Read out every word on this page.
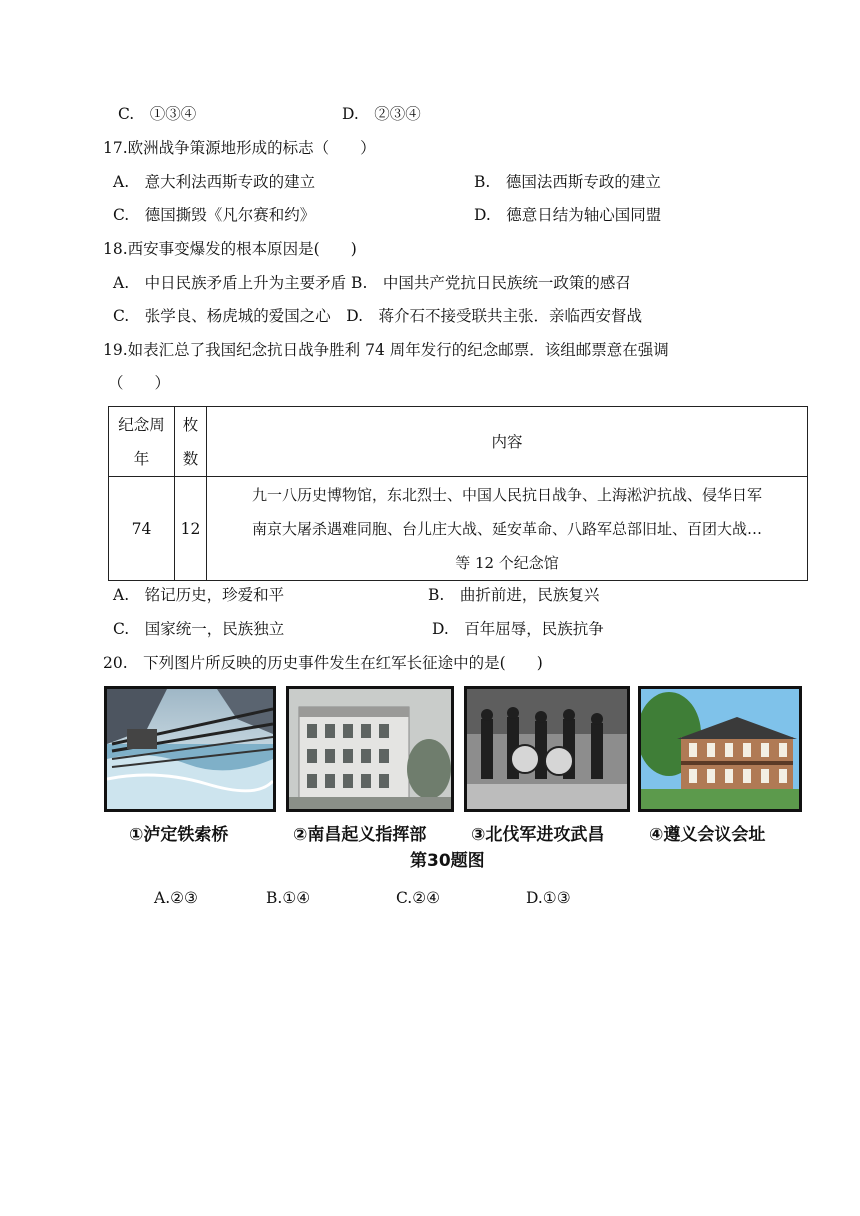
C.　①③④	D.　②③④
17.欧洲战争策源地形成的标志（　　）
A.　意大利法西斯专政的建立	B.　德国法西斯专政的建立
C.　德国撕毁《凡尔赛和约》	D.　德意日结为轴心国同盟
18.西安事变爆发的根本原因是(　　)
A.　中日民族矛盾上升为主要矛盾 B.　中国共产党抗日民族统一政策的感召
C.　张学良、杨虎城的爱国之心　D.　蒋介石不接受联共主张．亲临西安督战
19.如表汇总了我国纪念抗日战争胜利 74 周年发行的纪念邮票．该组邮票意在强调
（　　）
纪念周年	枚数	内容
74	12	九一八历史博物馆，东北烈士、中国人民抗日战争、上海淞沪抗战、侵华日军
南京大屠杀遇难同胞、台儿庄大战、延安革命、八路军总部旧址、百团大战…
等 12 个纪念馆
A.　铭记历史，珍爱和平	B.　曲折前进，民族复兴
C.　国家统一，民族独立	D.　百年屈辱，民族抗争
20.　下列图片所反映的历史事件发生在红军长征途中的是(　　)
①泸定铁索桥	②南昌起义指挥部	③北伐军进攻武昌	④遵义会议会址
第30题图
A.②③	B.①④	C.②④	D.①③
